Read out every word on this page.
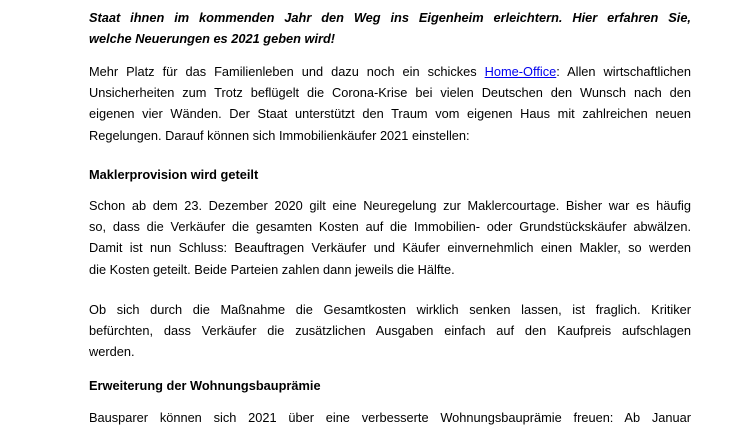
Staat ihnen im kommenden Jahr den Weg ins Eigenheim erleichtern. Hier erfahren Sie,
welche Neuerungen es 2021 geben wird!
Mehr Platz für das Familienleben und dazu noch ein schickes Home-Office: Allen wirtschaftlichen
Unsicherheiten zum Trotz beflügelt die Corona-Krise bei vielen Deutschen den Wunsch nach den
eigenen vier Wänden. Der Staat unterstützt den Traum vom eigenen Haus mit zahlreichen neuen
Regelungen. Darauf können sich Immobilienkäufer 2021 einstellen:

Maklerprovision wird geteilt

Schon ab dem 23. Dezember 2020 gilt eine Neuregelung zur Maklercourtage. Bisher war es häufig
so, dass die Verkäufer die gesamten Kosten auf die Immobilien- oder Grundstückskäufer abwälzen.
Damit ist nun Schluss: Beauftragen Verkäufer und Käufer einvernehmlich einen Makler, so werden
die Kosten geteilt. Beide Parteien zahlen dann jeweils die Hälfte.
Ob sich durch die Maßnahme die Gesamtkosten wirklich senken lassen, ist fraglich. Kritiker
befürchten, dass Verkäufer die zusätzlichen Ausgaben einfach auf den Kaufpreis aufschlagen
werden.

Erweiterung der Wohnungsbauprämie

Bausparer können sich 2021 über eine verbesserte Wohnungsbauprämie freuen: Ab Januar
